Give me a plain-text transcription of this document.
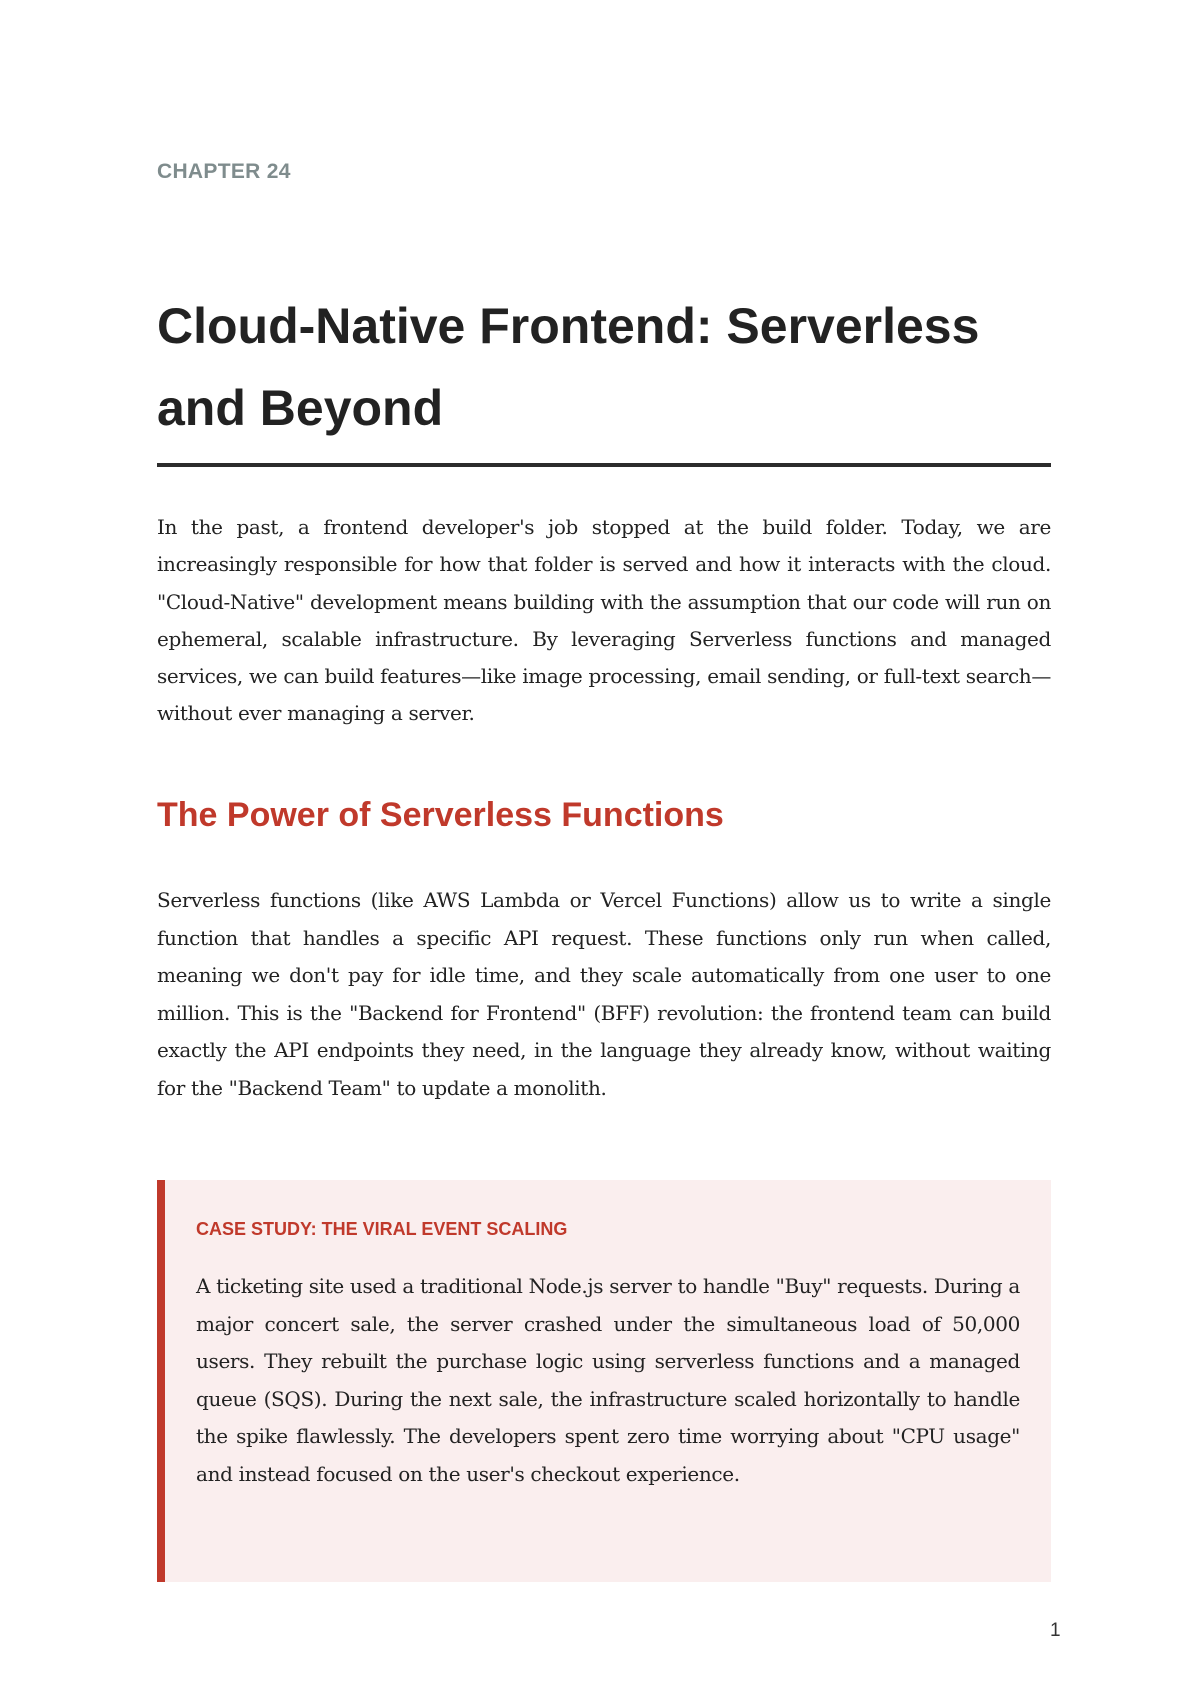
CHAPTER 24
Cloud-Native Frontend: Serverless and Beyond

In the past, a frontend developer's job stopped at the build folder. Today, we are increasingly responsible for how that folder is served and how it interacts with the cloud. "Cloud-Native" development means building with the assumption that our code will run on ephemeral, scalable infrastructure. By leveraging Serverless functions and managed services, we can build features—like image processing, email sending, or full-text search—without ever managing a server.

The Power of Serverless Functions

Serverless functions (like AWS Lambda or Vercel Functions) allow us to write a single function that handles a specific API request. These functions only run when called, meaning we don't pay for idle time, and they scale automatically from one user to one million. This is the "Backend for Frontend" (BFF) revolution: the frontend team can build exactly the API endpoints they need, in the language they already know, without waiting for the "Backend Team" to update a monolith.

CASE STUDY: THE VIRAL EVENT SCALING

A ticketing site used a traditional Node.js server to handle "Buy" requests. During a major concert sale, the server crashed under the simultaneous load of 50,000 users. They rebuilt the purchase logic using serverless functions and a managed queue (SQS). During the next sale, the infrastructure scaled horizontally to handle the spike flawlessly. The developers spent zero time worrying about "CPU usage" and instead focused on the user's checkout experience.

1
